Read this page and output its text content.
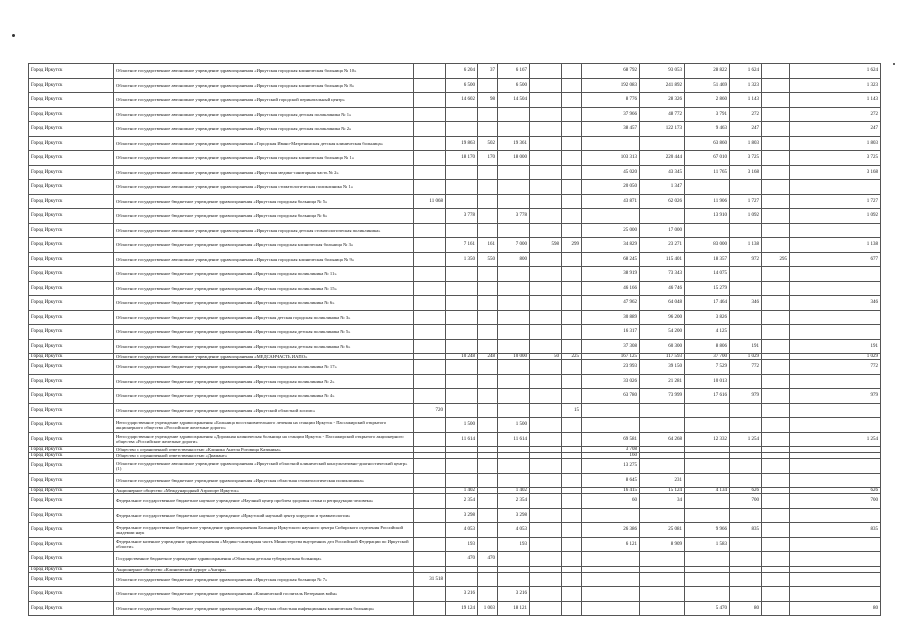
Город Иркутск	Областное государственное автономное учреждение здравоохранения «Иркутская городская клиническая больница № 10»		6 204	37	6 167			68 792	93 053	28 822	1 624		1 624
Город Иркутск	Областное государственное автономное учреждение здравоохранения «Иркутская городская клиническая больница № 8»		6 500		6 500			192 083	241 892	51 469	1 323		1 323
Город Иркутск	Областное государственное автономное учреждение здравоохранения «Иркутский городской перинатальный центр»		14 602	98	14 504			8 776	28 326	2 860	1 143		1 143
Город Иркутск	Областное государственное автономное учреждение здравоохранения «Иркутская городская детская поликлиника № 1»							37 966	48 772	3 791	272		272
Город Иркутск	Областное государственное автономное учреждение здравоохранения «Иркутская городская детская поликлиника № 2»							38 457	122 173	9 463	247		247
Город Иркутск	Областное государственное автономное учреждение здравоохранения «Городская Ивано-Матренинская детская клиническая больница»		19 863	502	19 361					63 860	1 803		1 803
Город Иркутск	Областное государственное автономное учреждение здравоохранения «Иркутская городская клиническая больница № 1»		18 170	170	18 000			103 313	220 444	67 010	3 725		3 725
Город Иркутск	Областное государственное автономное учреждение здравоохранения «Иркутская медико-санитарная часть № 2»							45 020	43 345	11 765	3 168		3 168
Город Иркутск	Областное государственное автономное учреждение здравоохранения «Иркутская стоматологическая поликлиника № 1»							20 050	1 347				
Город Иркутск	Областное государственное бюджетное учреждение здравоохранения «Иркутская городская больница № 5»	11 068						43 871	62 026	11 906	1 727		1 727
Город Иркутск	Областное государственное бюджетное учреждение здравоохранения «Иркутская городская больница № 6»		3 778		3 778					13 910	1 092		1 092
Город Иркутск	Областное государственное автономное учреждение здравоохранения «Иркутская городская детская стоматологическая поликлиника»							25 000	17 000				
Город Иркутск	Областное государственное бюджетное учреждение здравоохранения «Иркутская городская клиническая больница № 3»		7 161	161	7 000	598	299	34 829	23 271	83 000	1 138		1 138
Город Иркутск	Областное государственное автономное учреждение здравоохранения «Иркутская городская клиническая больница № 9»		1 350	550	800			68 245	115 401	18 357	972	295	677
Город Иркутск	Областное государственное бюджетное учреждение здравоохранения «Иркутская городская поликлиника № 11»							38 919	73 343	14 075			
Город Иркутск	Областное государственное бюджетное учреждение здравоохранения «Иркутская городская поликлиника № 15»							46 166	46 746	15 279			
Город Иркутск	Областное государственное бюджетное учреждение здравоохранения «Иркутская городская поликлиника № 6»							47 962	64 048	17 464	346		346
Город Иркутск	Областное государственное бюджетное учреждение здравоохранения «Иркутская детская городская поликлиника № 3»							30 889	96 200	3 826			
Город Иркутск	Областное государственное бюджетное учреждение здравоохранения «Иркутская городская детская поликлиника № 5»							16 317	54 200	4 125			
Город Иркутск	Областное государственное бюджетное учреждение здравоохранения «Иркутская городская детская поликлиника № 6»							37 308	60 300	8 806	191		191
Город Иркутск	Областное государственное автономное учреждение здравоохранения «МЕДСАНЧАСТЬ ИАПО»		10 248	248	10 000	50	225	167 125	117 593	37 700	1 029		1 029
Город Иркутск	Областное государственное бюджетное учреждение здравоохранения «Иркутская городская поликлиника № 17»							23 993	39 150	7 529	772		772
Город Иркутск	Областное государственное бюджетное учреждение здравоохранения «Иркутская городская поликлиника № 2»							33 026	21 281	10 013			
Город Иркутск	Областное государственное бюджетное учреждение здравоохранения «Иркутская городская поликлиника № 4»							63 780	73 999	17 616	979		979
Город Иркутск	Областное государственное бюджетное учреждение здравоохранения «Иркутский областной хоспис»	720					15						
Город Иркутск	Негосударственное учреждение здравоохранения «Больница восстановительного лечения на станции Иркутск - Пассажирский открытого акционерного общества «Российские железные дороги»		1 500		1 500								
Город Иркутск	Негосударственное учреждение здравоохранения «Дорожная клиническая больница на станции Иркутск - Пассажирский открытого акционерного общества «Российские железные дороги»		11 614		11 614			69 581	64 268	12 332	1 254		1 254
Город Иркутск	Общество с ограниченной ответственностью «Клиника Ангела Роговица Казиника»							3 708					
Город Иркутск	Общество с ограниченной ответственностью «Диамант»							160					
Город Иркутск	Областное государственное автономное учреждение здравоохранения «Иркутский областной клинический консультативно-диагностический центр» (1)							13 275					
Город Иркутск	Областное государственное бюджетное учреждение здравоохранения «Иркутская областная стоматологическая поликлиника»							8 645	231				
Город Иркутск	Акционерное общество «Международный Аэропорт Иркутск»		1 402		1 402			16 415	15 124	4 134	626		626
Город Иркутск	Федеральное государственное бюджетное научное учреждение «Научный центр проблем здоровья семьи и репродукции человека»		2 354		2 354			60	34		700		700
Город Иркутск	Федеральное государственное бюджетное научное учреждение «Иркутский научный центр хирургии и травматологии»		3 298		3 298								
Город Иркутск	Федеральное государственное бюджетное учреждение здравоохранения Больница Иркутского научного центра Сибирского отделения Российской академии наук		4 053		4 053			26 386	25 081	9 966	835		835
Город Иркутск	Федеральное казенное учреждение здравоохранения «Медико-санитарная часть Министерства внутренних дел Российской Федерации по Иркутской области»		193		193			6 121	8 909	1 583			
Город Иркутск	Государственное бюджетное учреждение здравоохранения «Областная детская туберкулезная больница»		470	470									
Город Иркутск	Акционерное общество «Клинический курорт «Ангара»												
Город Иркутск	Областное государственное бюджетное учреждение здравоохранения «Иркутская городская больница № 7»	31 518											
Город Иркутск	Областное государственное бюджетное учреждение здравоохранения «Клинический госпиталь Ветеранов войн»		3 216		3 216								
Город Иркутск	Областное государственное бюджетное учреждение здравоохранения «Иркутская областная инфекционная клиническая больница»		19 124	1 003	18 121					5 470	80		80
